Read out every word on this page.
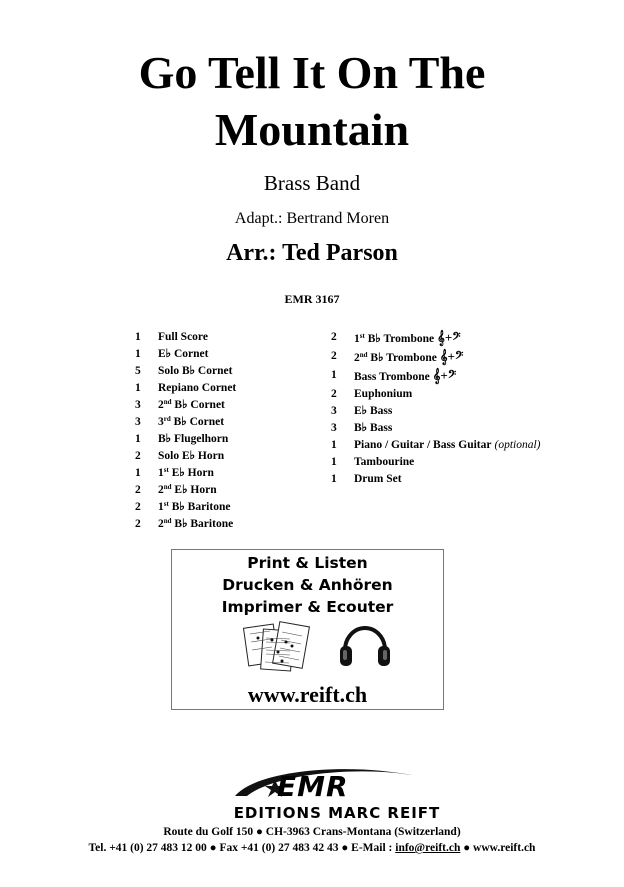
Go Tell It On The
Mountain
Brass Band
Adapt.: Bertrand Moren
Arr.: Ted Parson
EMR 3167
1	Full Score
1	E♭ Cornet
5	Solo B♭ Cornet
1	Repiano Cornet
3	2nd B♭ Cornet
3	3rd B♭ Cornet
1	B♭ Flugelhorn
2	Solo E♭ Horn
1	1st E♭ Horn
2	2nd E♭ Horn
2	1st B♭ Baritone
2	2nd B♭ Baritone
2	1st B♭ Trombone 𝄞+𝄢
2	2nd B♭ Trombone 𝄞+𝄢
1	Bass Trombone 𝄞+𝄢
2	Euphonium
3	E♭ Bass
3	B♭ Bass
1	Piano / Guitar / Bass Guitar (optional)
1	Tambourine
1	Drum Set
Print & Listen
Drucken & Anhören
Imprimer & Ecouter
www.reift.ch
EMR
EDITIONS MARC REIFT
Route du Golf 150 ● CH-3963 Crans-Montana (Switzerland)
Tel. +41 (0) 27 483 12 00 ● Fax +41 (0) 27 483 42 43 ● E-Mail : info@reift.ch ● www.reift.ch
